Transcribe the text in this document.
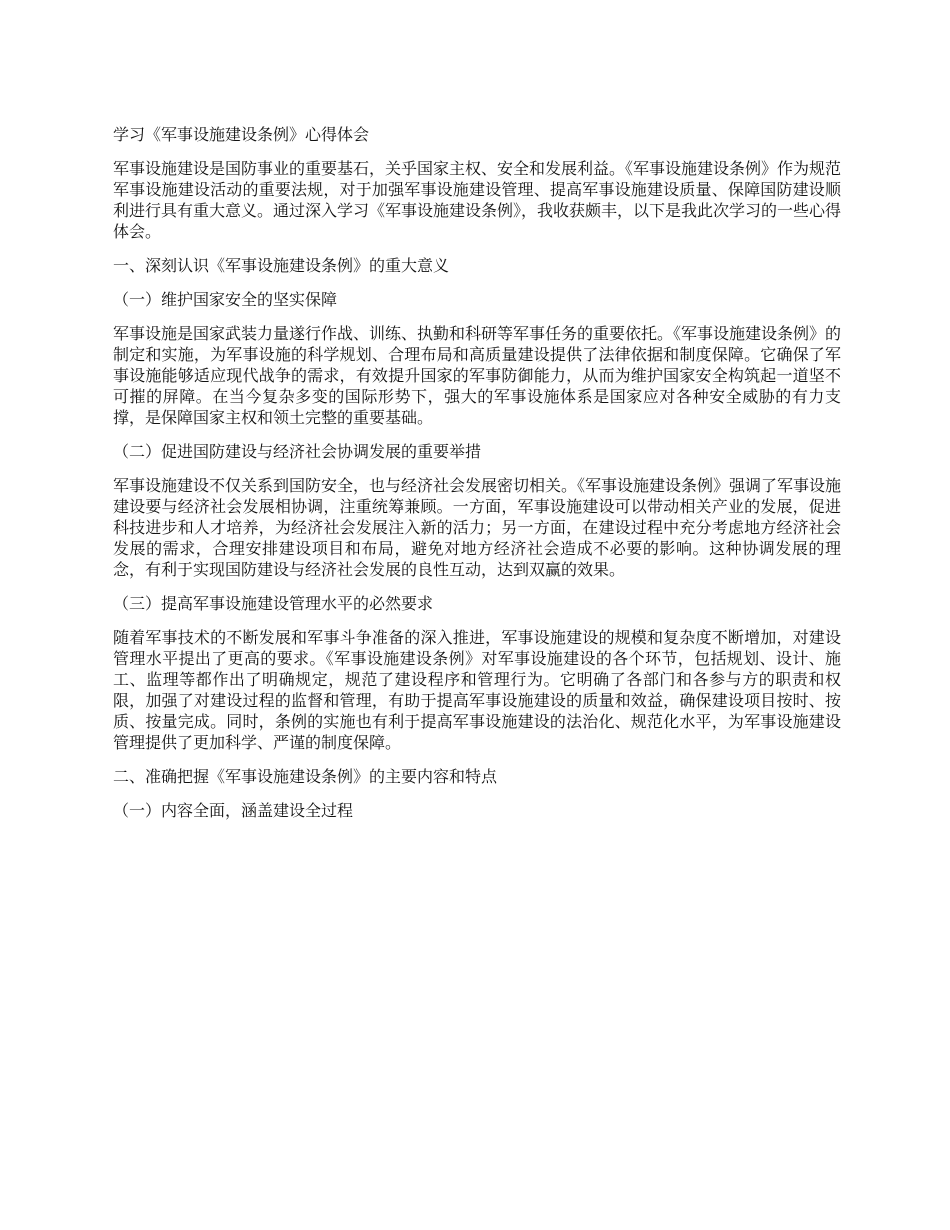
学习《军事设施建设条例》心得体会

军事设施建设是国防事业的重要基石，关乎国家主权、安全和发展利益。《军事设施建设条例》作为规范军事设施建设活动的重要法规，对于加强军事设施建设管理、提高军事设施建设质量、保障国防建设顺利进行具有重大意义。通过深入学习《军事设施建设条例》，我收获颇丰，以下是我此次学习的一些心得体会。

一、深刻认识《军事设施建设条例》的重大意义

（一）维护国家安全的坚实保障

军事设施是国家武装力量遂行作战、训练、执勤和科研等军事任务的重要依托。《军事设施建设条例》的制定和实施，为军事设施的科学规划、合理布局和高质量建设提供了法律依据和制度保障。它确保了军事设施能够适应现代战争的需求，有效提升国家的军事防御能力，从而为维护国家安全构筑起一道坚不可摧的屏障。在当今复杂多变的国际形势下，强大的军事设施体系是国家应对各种安全威胁的有力支撑，是保障国家主权和领土完整的重要基础。

（二）促进国防建设与经济社会协调发展的重要举措

军事设施建设不仅关系到国防安全，也与经济社会发展密切相关。《军事设施建设条例》强调了军事设施建设要与经济社会发展相协调，注重统筹兼顾。一方面，军事设施建设可以带动相关产业的发展，促进科技进步和人才培养，为经济社会发展注入新的活力；另一方面，在建设过程中充分考虑地方经济社会发展的需求，合理安排建设项目和布局，避免对地方经济社会造成不必要的影响。这种协调发展的理念，有利于实现国防建设与经济社会发展的良性互动，达到双赢的效果。

（三）提高军事设施建设管理水平的必然要求

随着军事技术的不断发展和军事斗争准备的深入推进，军事设施建设的规模和复杂度不断增加，对建设管理水平提出了更高的要求。《军事设施建设条例》对军事设施建设的各个环节，包括规划、设计、施工、监理等都作出了明确规定，规范了建设程序和管理行为。它明确了各部门和各参与方的职责和权限，加强了对建设过程的监督和管理，有助于提高军事设施建设的质量和效益，确保建设项目按时、按质、按量完成。同时，条例的实施也有利于提高军事设施建设的法治化、规范化水平，为军事设施建设管理提供了更加科学、严谨的制度保障。

二、准确把握《军事设施建设条例》的主要内容和特点

（一）内容全面，涵盖建设全过程
